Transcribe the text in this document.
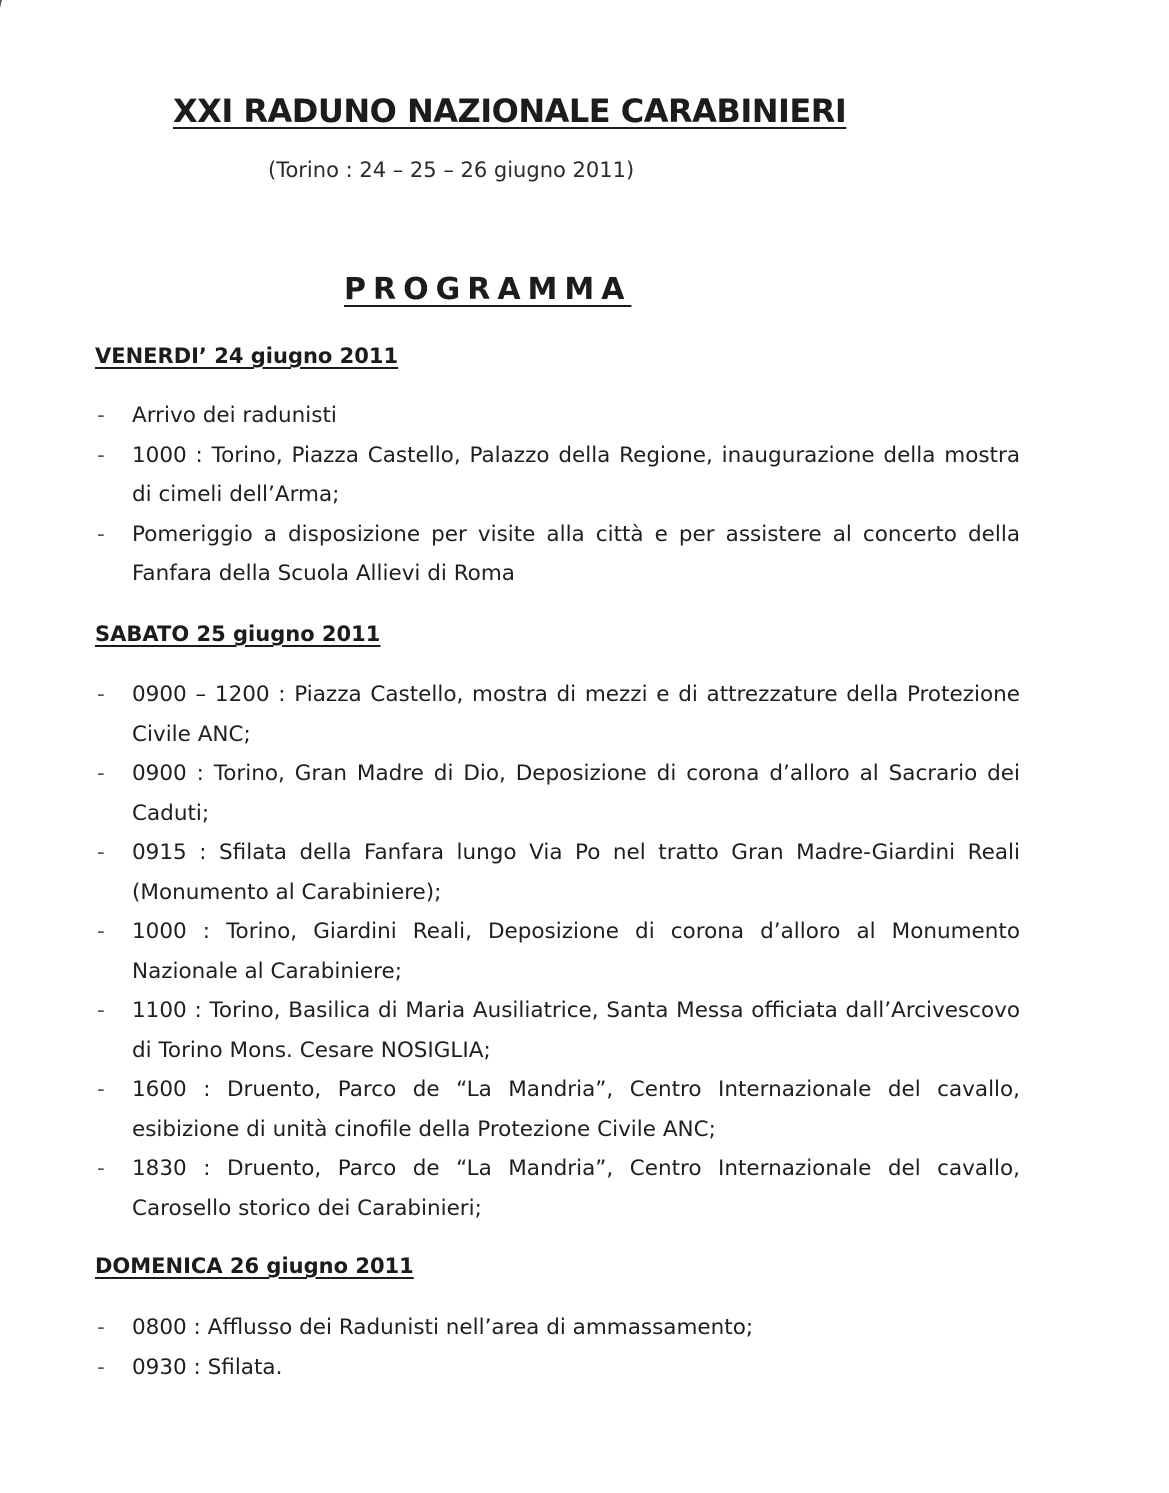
XXI RADUNO NAZIONALE CARABINIERI
(Torino : 24 – 25 – 26 giugno 2011)
PROGRAMMA
VENERDI’ 24 giugno 2011
- Arrivo dei radunisti
- 1000 : Torino, Piazza Castello, Palazzo della Regione, inaugurazione della mostra di cimeli dell’Arma;
- Pomeriggio a disposizione per visite alla città e per assistere al concerto della Fanfara della Scuola Allievi di Roma
SABATO 25 giugno 2011
- 0900 – 1200 : Piazza Castello, mostra di mezzi e di attrezzature della Protezione Civile ANC;
- 0900 : Torino, Gran Madre di Dio, Deposizione di corona d’alloro al Sacrario dei Caduti;
- 0915 : Sfilata della Fanfara lungo Via Po nel tratto Gran Madre-Giardini Reali (Monumento al Carabiniere);
- 1000 : Torino, Giardini Reali, Deposizione di corona d’alloro al Monumento Nazionale al Carabiniere;
- 1100 : Torino, Basilica di Maria Ausiliatrice, Santa Messa officiata dall’Arcivescovo di Torino Mons. Cesare NOSIGLIA;
- 1600 : Druento, Parco de “La Mandria”, Centro Internazionale del cavallo, esibizione di unità cinofile della Protezione Civile ANC;
- 1830 : Druento, Parco de “La Mandria”, Centro Internazionale del cavallo, Carosello storico dei Carabinieri;
DOMENICA 26 giugno 2011
- 0800 : Afflusso dei Radunisti nell’area di ammassamento;
- 0930 : Sfilata.
